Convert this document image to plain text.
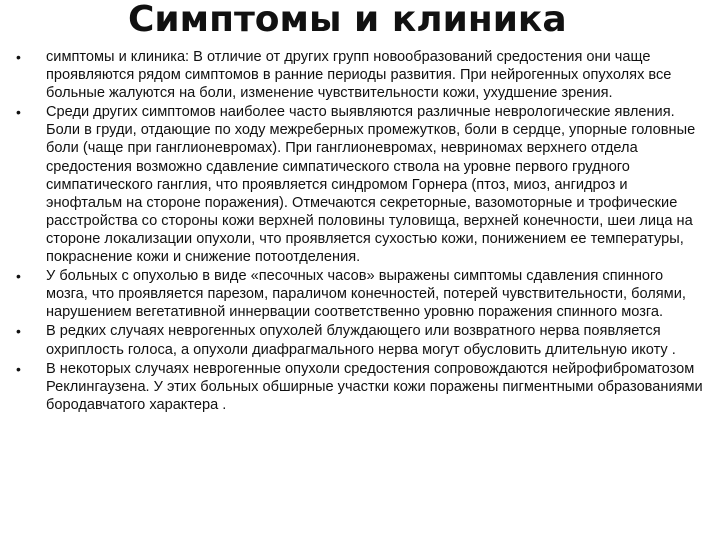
Симптомы и клиника
•	симптомы и клиника: В отличие от других групп новообразований средостения они чаще проявляются рядом симптомов в ранние периоды развития. При нейрогенных опухолях все больные жалуются на боли, изменение чувствительности кожи, ухудшение зрения.
•	Среди других симптомов наиболее часто выявляются различные неврологические явления. Боли в груди, отдающие по ходу межреберных промежутков, боли в сердце, упорные головные боли (чаще при ганглионевромах). При ганглионевромах, невриномах верхнего отдела средостения возможно сдавление симпатического ствола на уровне первого грудного симпатического ганглия, что проявляется синдромом Горнера (птоз, миоз, ангидроз и энофтальм на стороне поражения). Отмечаются секреторные, вазомоторные и трофические расстройства со стороны кожи верхней половины туловища, верхней конечности, шеи лица на стороне локализации опухоли, что проявляется сухостью кожи, понижением ее температуры, покраснение кожи и снижение потоотделения.
•	У больных с опухолью в виде «песочных часов» выражены симптомы сдавления спинного мозга, что проявляется парезом, параличом конечностей, потерей чувствительности, болями, нарушением вегетативной иннервации соответственно уровню поражения спинного мозга.
•	В редких случаях неврогенных опухолей блуждающего или возвратного нерва появляется охриплость голоса, а опухоли диафрагмального нерва могут обусловить длительную икоту .
•	В некоторых случаях неврогенные опухоли средостения сопровождаются нейрофиброматозом Реклингаузена. У этих больных обширные участки кожи поражены пигментными образованиями бородавчатого характера .
